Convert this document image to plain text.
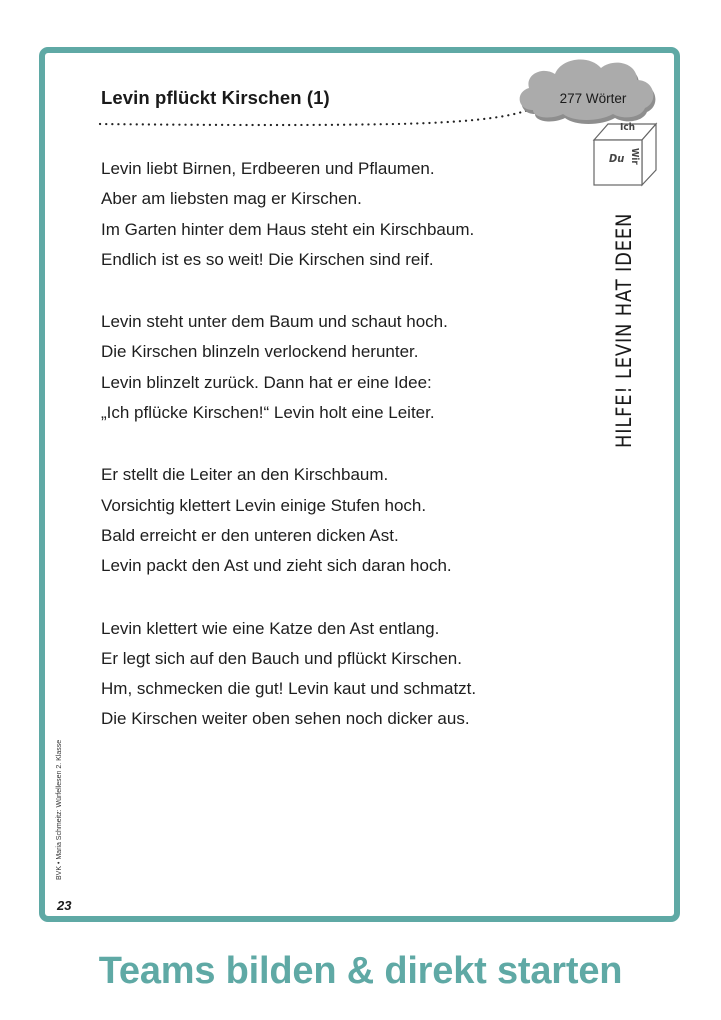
Levin pflückt Kirschen (1)	277 Wörter
Ich
Du Wir
Levin liebt Birnen, Erdbeeren und Pflaumen.
Aber am liebsten mag er Kirschen.
Im Garten hinter dem Haus steht ein Kirschbaum.
Endlich ist es so weit! Die Kirschen sind reif.
Levin steht unter dem Baum und schaut hoch.
Die Kirschen blinzeln verlockend herunter.
Levin blinzelt zurück. Dann hat er eine Idee:
„Ich pflücke Kirschen!“ Levin holt eine Leiter.
Er stellt die Leiter an den Kirschbaum.
Vorsichtig klettert Levin einige Stufen hoch.
Bald erreicht er den unteren dicken Ast.
Levin packt den Ast und zieht sich daran hoch.
Levin klettert wie eine Katze den Ast entlang.
Er legt sich auf den Bauch und pflückt Kirschen.
Hm, schmecken die gut! Levin kaut und schmatzt.
Die Kirschen weiter oben sehen noch dicker aus.
HILFE! LEVIN HAT IDEEN
BVK • Maria Schmeitz: Würfellesen 2. Klasse
23
Teams bilden & direkt starten
